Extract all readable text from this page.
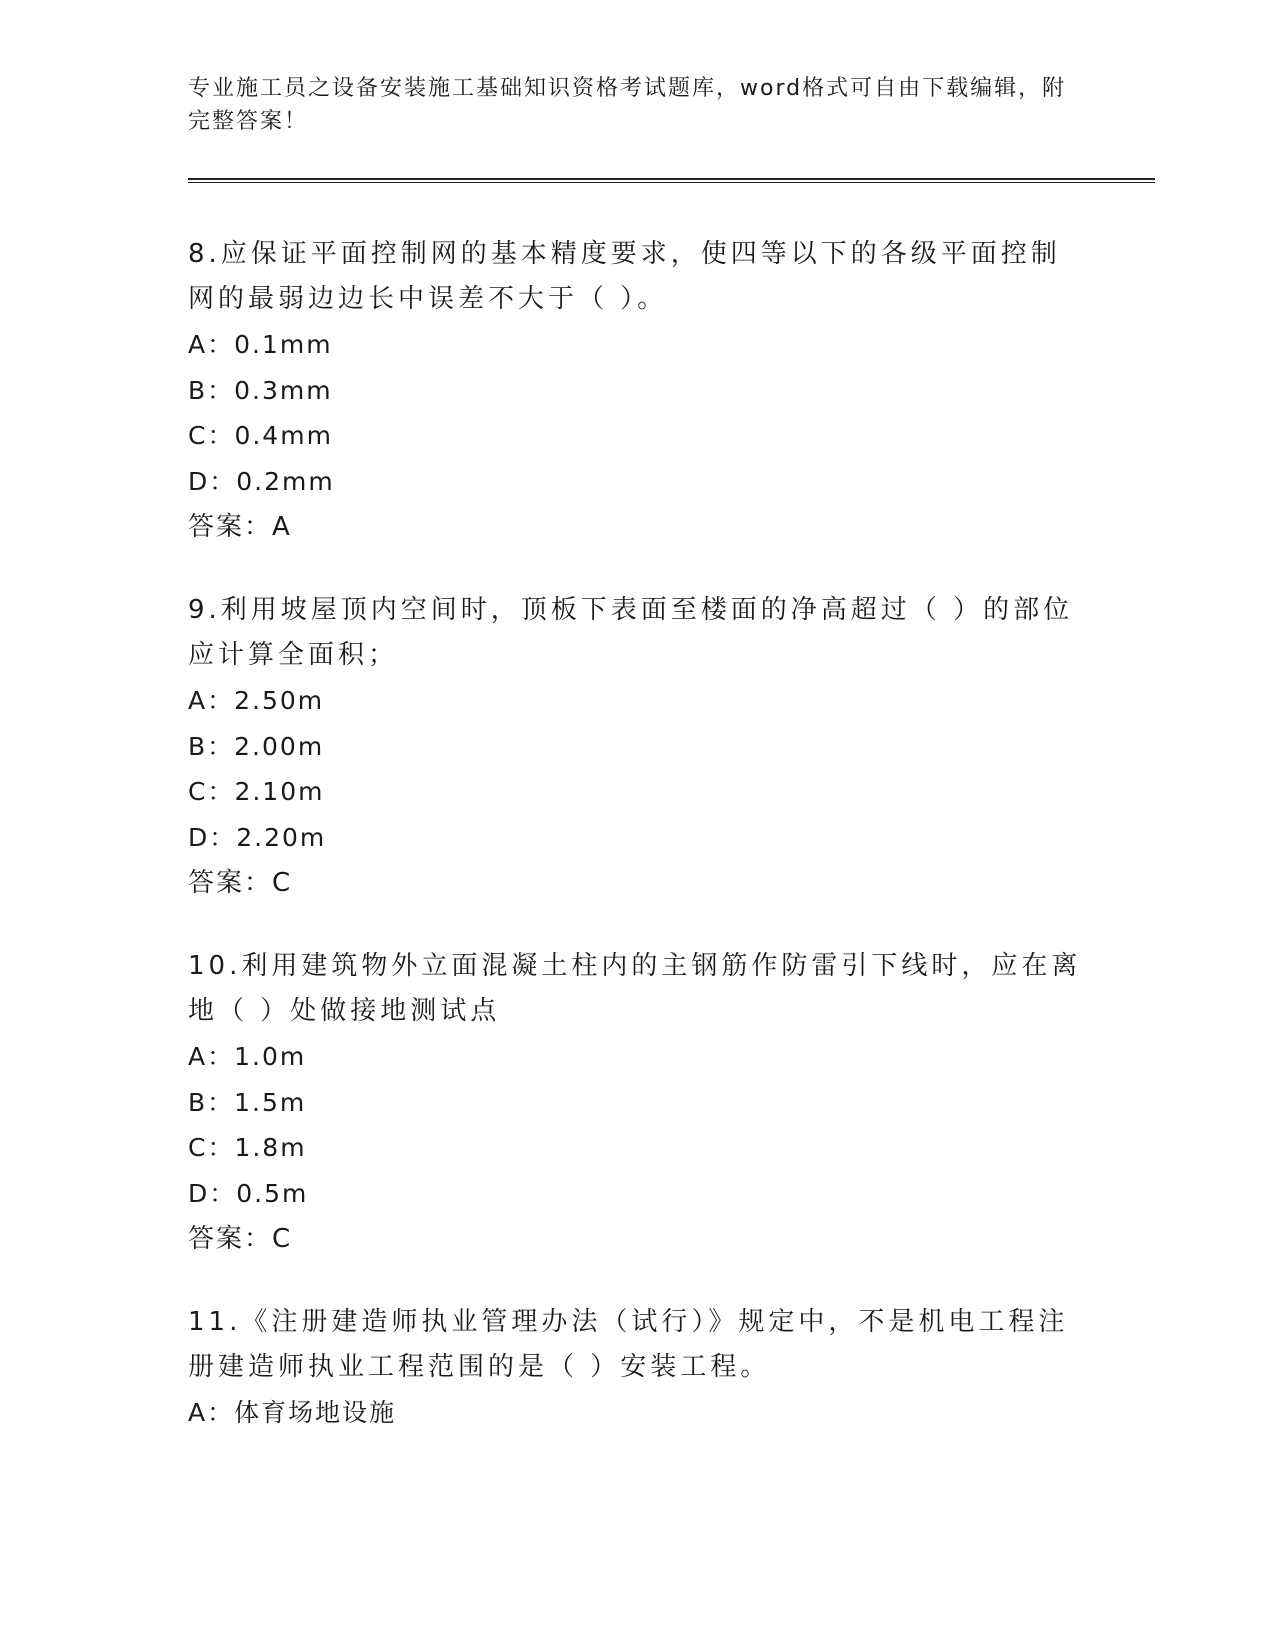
专业施工员之设备安装施工基础知识资格考试题库，word格式可自由下载编辑，附完整答案！
8.应保证平面控制网的基本精度要求，使四等以下的各级平面控制网的最弱边边长中误差不大于（ ）。
A：0.1mm
B：0.3mm
C：0.4mm
D：0.2mm
答案：A
9.利用坡屋顶内空间时，顶板下表面至楼面的净高超过（ ）的部位应计算全面积；
A：2.50m
B：2.00m
C：2.10m
D：2.20m
答案：C
10.利用建筑物外立面混凝土柱内的主钢筋作防雷引下线时，应在离地（ ）处做接地测试点
A：1.0m
B：1.5m
C：1.8m
D：0.5m
答案：C
11.《注册建造师执业管理办法（试行）》规定中，不是机电工程注册建造师执业工程范围的是（ ）安装工程。
A：体育场地设施
